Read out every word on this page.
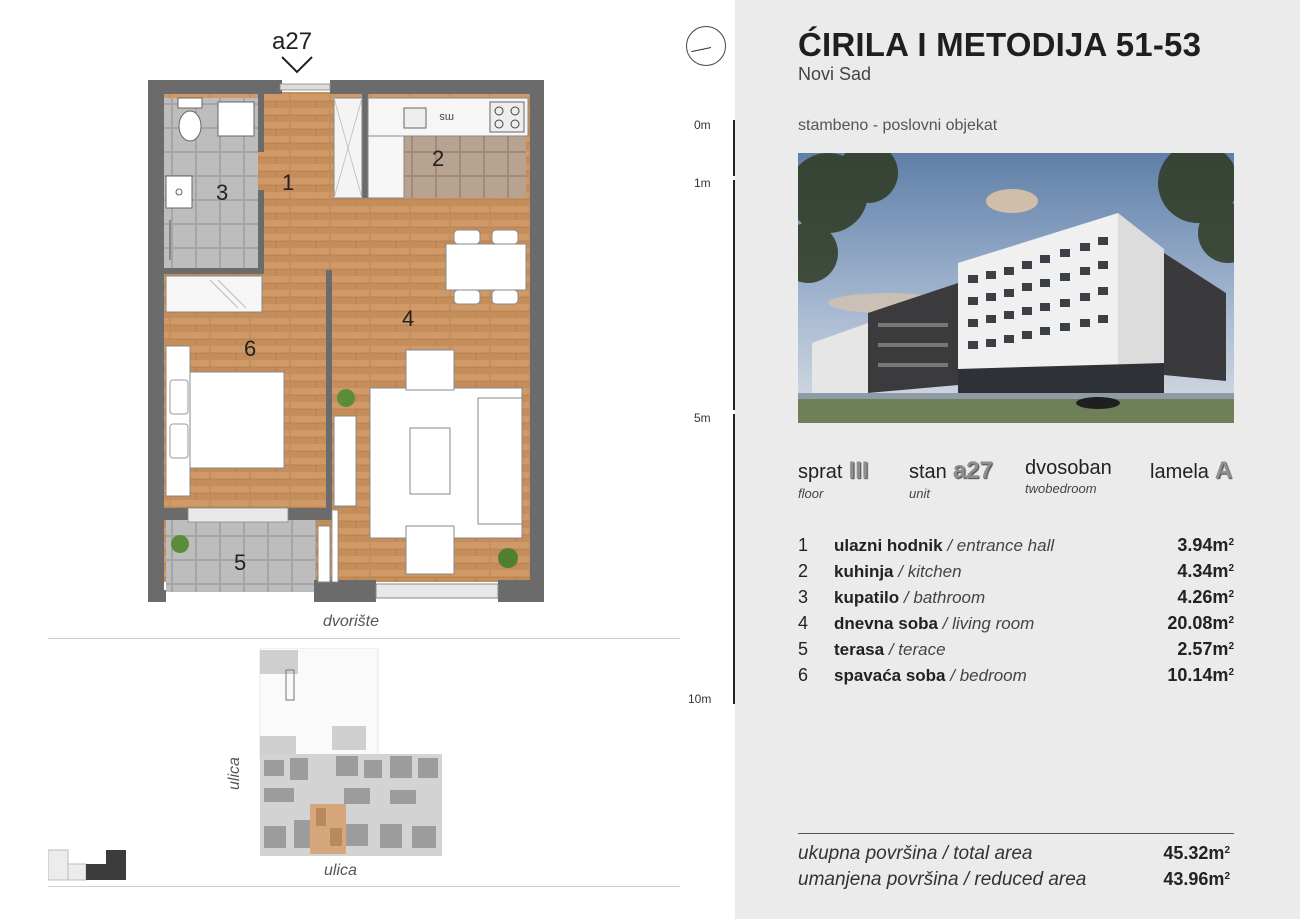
a27
ms
1
2
3
4
5
6
dvorište
ulica
ulica
0m
1m
5m
10m
ĆIRILA I METODIJA 51-53
Novi Sad
stambeno - poslovni objekat
sprat III
floor
stan a27
unit
dvosoban
twobedroom
lamela A
1 ulazni hodnik / entrance hall	$3.94m^2$
2 kuhinja / kitchen	$4.34m^2$
3 kupatilo / bathroom	$4.26m^2$
4 dnevna soba / living room	$20.08m^2$
5 terasa / terace	$2.57m^2$
6 spavaća soba / bedroom	$10.14m^2$
ukupna površina / total area	$45.32m^2$
umanjena površina / reduced area	$43.96m^2$
